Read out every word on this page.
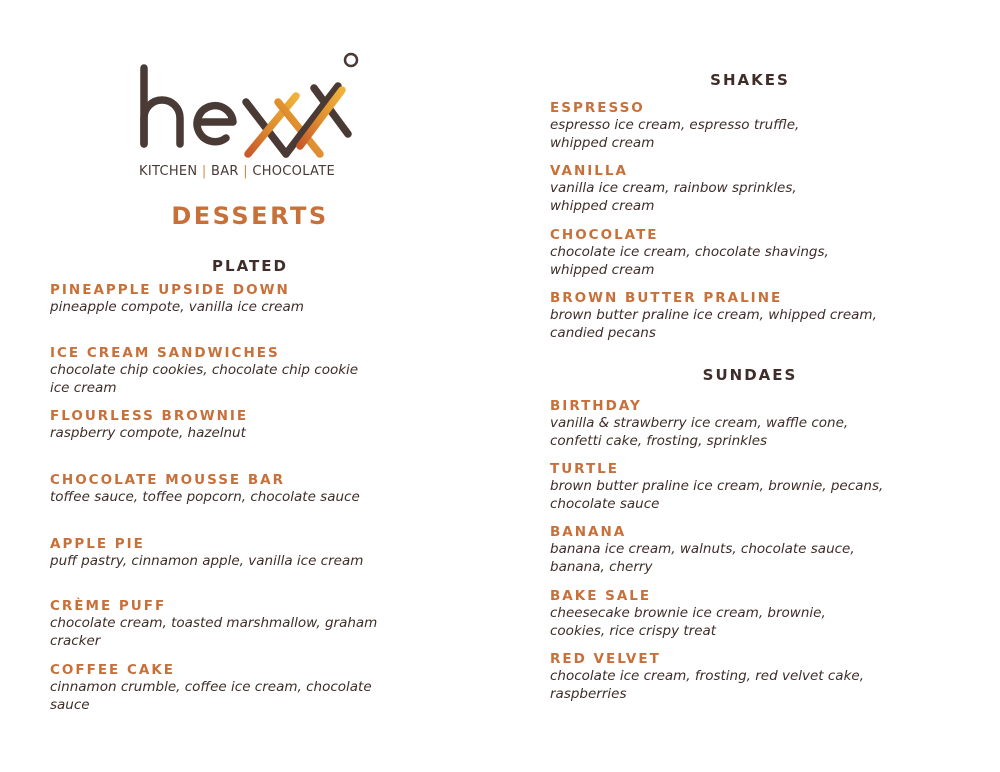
KITCHEN | BAR | CHOCOLATE
DESSERTS
PLATED
PINEAPPLE UPSIDE DOWN
pineapple compote, vanilla ice cream
ICE CREAM SANDWICHES
chocolate chip cookies, chocolate chip cookie ice cream
FLOURLESS BROWNIE
raspberry compote, hazelnut
CHOCOLATE MOUSSE BAR
toffee sauce, toffee popcorn, chocolate sauce
APPLE PIE
puff pastry, cinnamon apple, vanilla ice cream
CRÈME PUFF
chocolate cream, toasted marshmallow, graham cracker
COFFEE CAKE
cinnamon crumble, coffee ice cream, chocolate sauce
SHAKES
ESPRESSO
espresso ice cream, espresso truffle, whipped cream
VANILLA
vanilla ice cream, rainbow sprinkles, whipped cream
CHOCOLATE
chocolate ice cream, chocolate shavings, whipped cream
BROWN BUTTER PRALINE
brown butter praline ice cream, whipped cream, candied pecans
SUNDAES
BIRTHDAY
vanilla & strawberry ice cream, waffle cone, confetti cake, frosting, sprinkles
TURTLE
brown butter praline ice cream, brownie, pecans, chocolate sauce
BANANA
banana ice cream, walnuts, chocolate sauce, banana, cherry
BAKE SALE
cheesecake brownie ice cream, brownie, cookies, rice crispy treat
RED VELVET
chocolate ice cream, frosting, red velvet cake, raspberries
